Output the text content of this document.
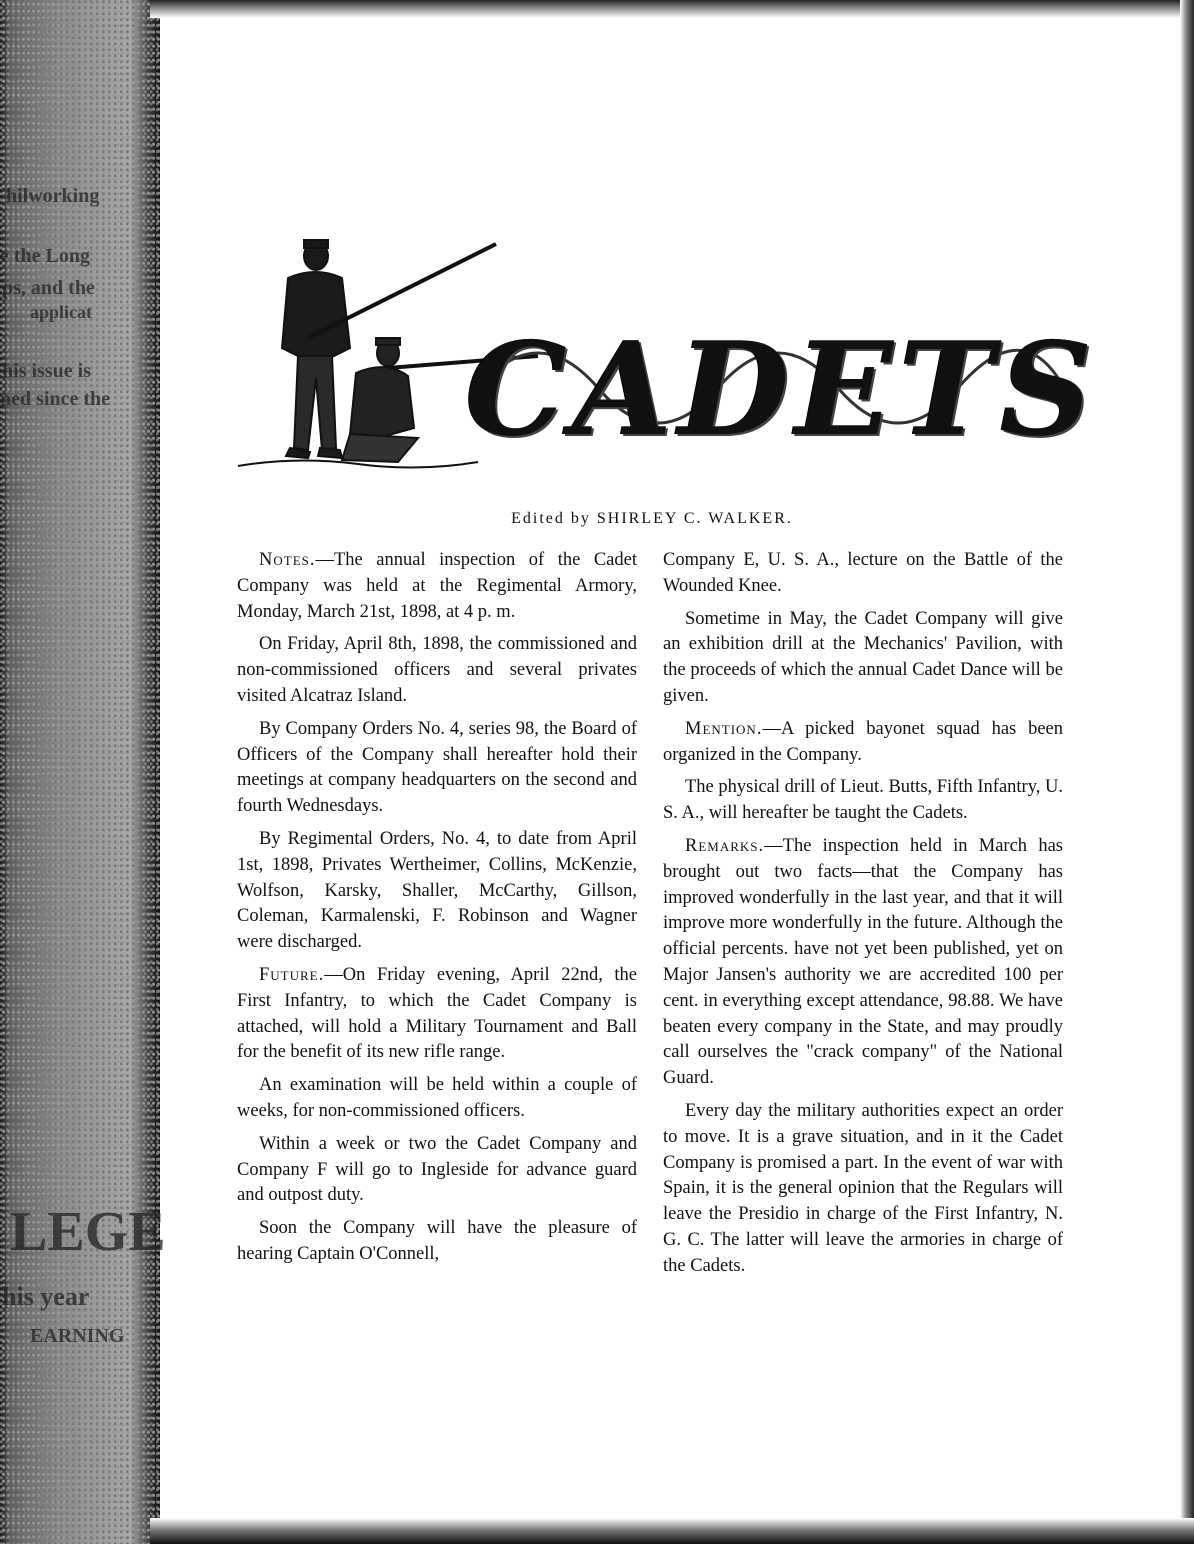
hilworking
e the Long
ps, and the
applicat
his issue is
ned since the
LEGE
his year
EARNING
CADETS
Edited by SHIRLEY C. WALKER.

Notes.—The annual inspection of the Cadet Company was held at the Regimental Armory, Monday, March 21st, 1898, at 4 p. m.

On Friday, April 8th, 1898, the commissioned and non-commissioned officers and several privates visited Alcatraz Island.

By Company Orders No. 4, series 98, the Board of Officers of the Company shall hereafter hold their meetings at company headquarters on the second and fourth Wednesdays.

By Regimental Orders, No. 4, to date from April 1st, 1898, Privates Wertheimer, Collins, McKenzie, Wolfson, Karsky, Shaller, McCarthy, Gillson, Coleman, Karmalenski, F. Robinson and Wagner were discharged.

Future.—On Friday evening, April 22nd, the First Infantry, to which the Cadet Company is attached, will hold a Military Tournament and Ball for the benefit of its new rifle range.

An examination will be held within a couple of weeks, for non-commissioned officers.

Within a week or two the Cadet Company and Company F will go to Ingleside for advance guard and outpost duty.

Soon the Company will have the pleasure of hearing Captain O'Connell,

Company E, U. S. A., lecture on the Battle of the Wounded Knee.

Sometime in May, the Cadet Company will give an exhibition drill at the Mechanics' Pavilion, with the proceeds of which the annual Cadet Dance will be given.

Mention.—A picked bayonet squad has been organized in the Company.

The physical drill of Lieut. Butts, Fifth Infantry, U. S. A., will hereafter be taught the Cadets.

Remarks.—The inspection held in March has brought out two facts—that the Company has improved wonderfully in the last year, and that it will improve more wonderfully in the future. Although the official percents. have not yet been published, yet on Major Jansen's authority we are accredited 100 per cent. in everything except attendance, 98.88. We have beaten every company in the State, and may proudly call ourselves the "crack company" of the National Guard.

Every day the military authorities expect an order to move. It is a grave situation, and in it the Cadet Company is promised a part. In the event of war with Spain, it is the general opinion that the Regulars will leave the Presidio in charge of the First Infantry, N. G. C. The latter will leave the armories in charge of the Cadets.
